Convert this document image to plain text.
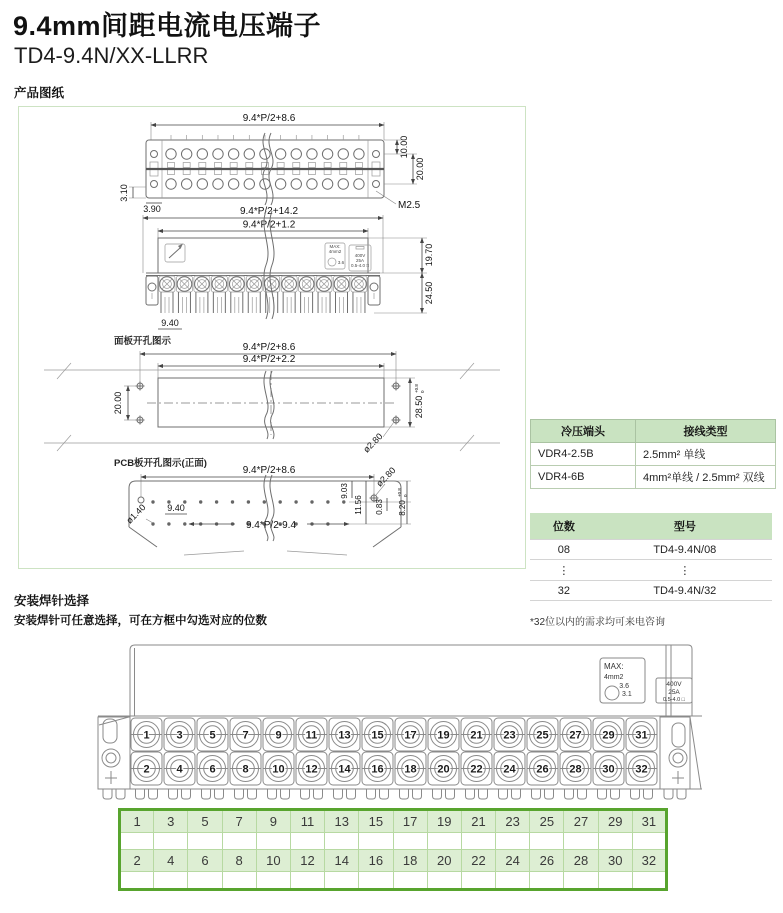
9.4mm间距电流电压端子
TD4-9.4N/XX-LLRR
产品图纸
9.4*P/2+8.6
10.00
20.00
3.10
3.90	M2.5
9.4*P/2+14.2
9.4*P/2+1.2
MAX:
4mm2
3.6
400V
25A
0.5-4.0 □	19.70
24.50
9.40
面板开孔图示
9.4*P/2+8.6
9.4*P/2+2.2
20.00	28.50
+0.8 0
ø2.80
PCB板开孔图示(正面)
9.4*P/2+8.6	ø2.80
ø1.40 9.40
9.03
11.56 0.83 8.20
+0.8 0
9.4*P/2-9.4
冷压端头	接线类型
VDR4-2.5B	2.5mm² 单线
VDR4-6B	4mm²单线 / 2.5mm² 双线
位数	型号
08	TD4-9.4N/08
⋮	⋮
32	TD4-9.4N/32
*32位以内的需求均可来电咨询
安装焊针选择
安装焊针可任意选择，可在方框中勾选对应的位数
MAX:
4mm2
3.6
3.1
400V
25A
0.5-4.0 □
1
2
3
4
5
6
7
8
9
10
11
12
13
14
15
16
17
18
19
20
21
22
23
24
25
26
27
28
29
30
31
32
1	3	5	7	9	11	13	15	17	19	21	23	25	27	29	31

2	4	6	8	10	12	14	16	18	20	22	24	26	28	30	32
